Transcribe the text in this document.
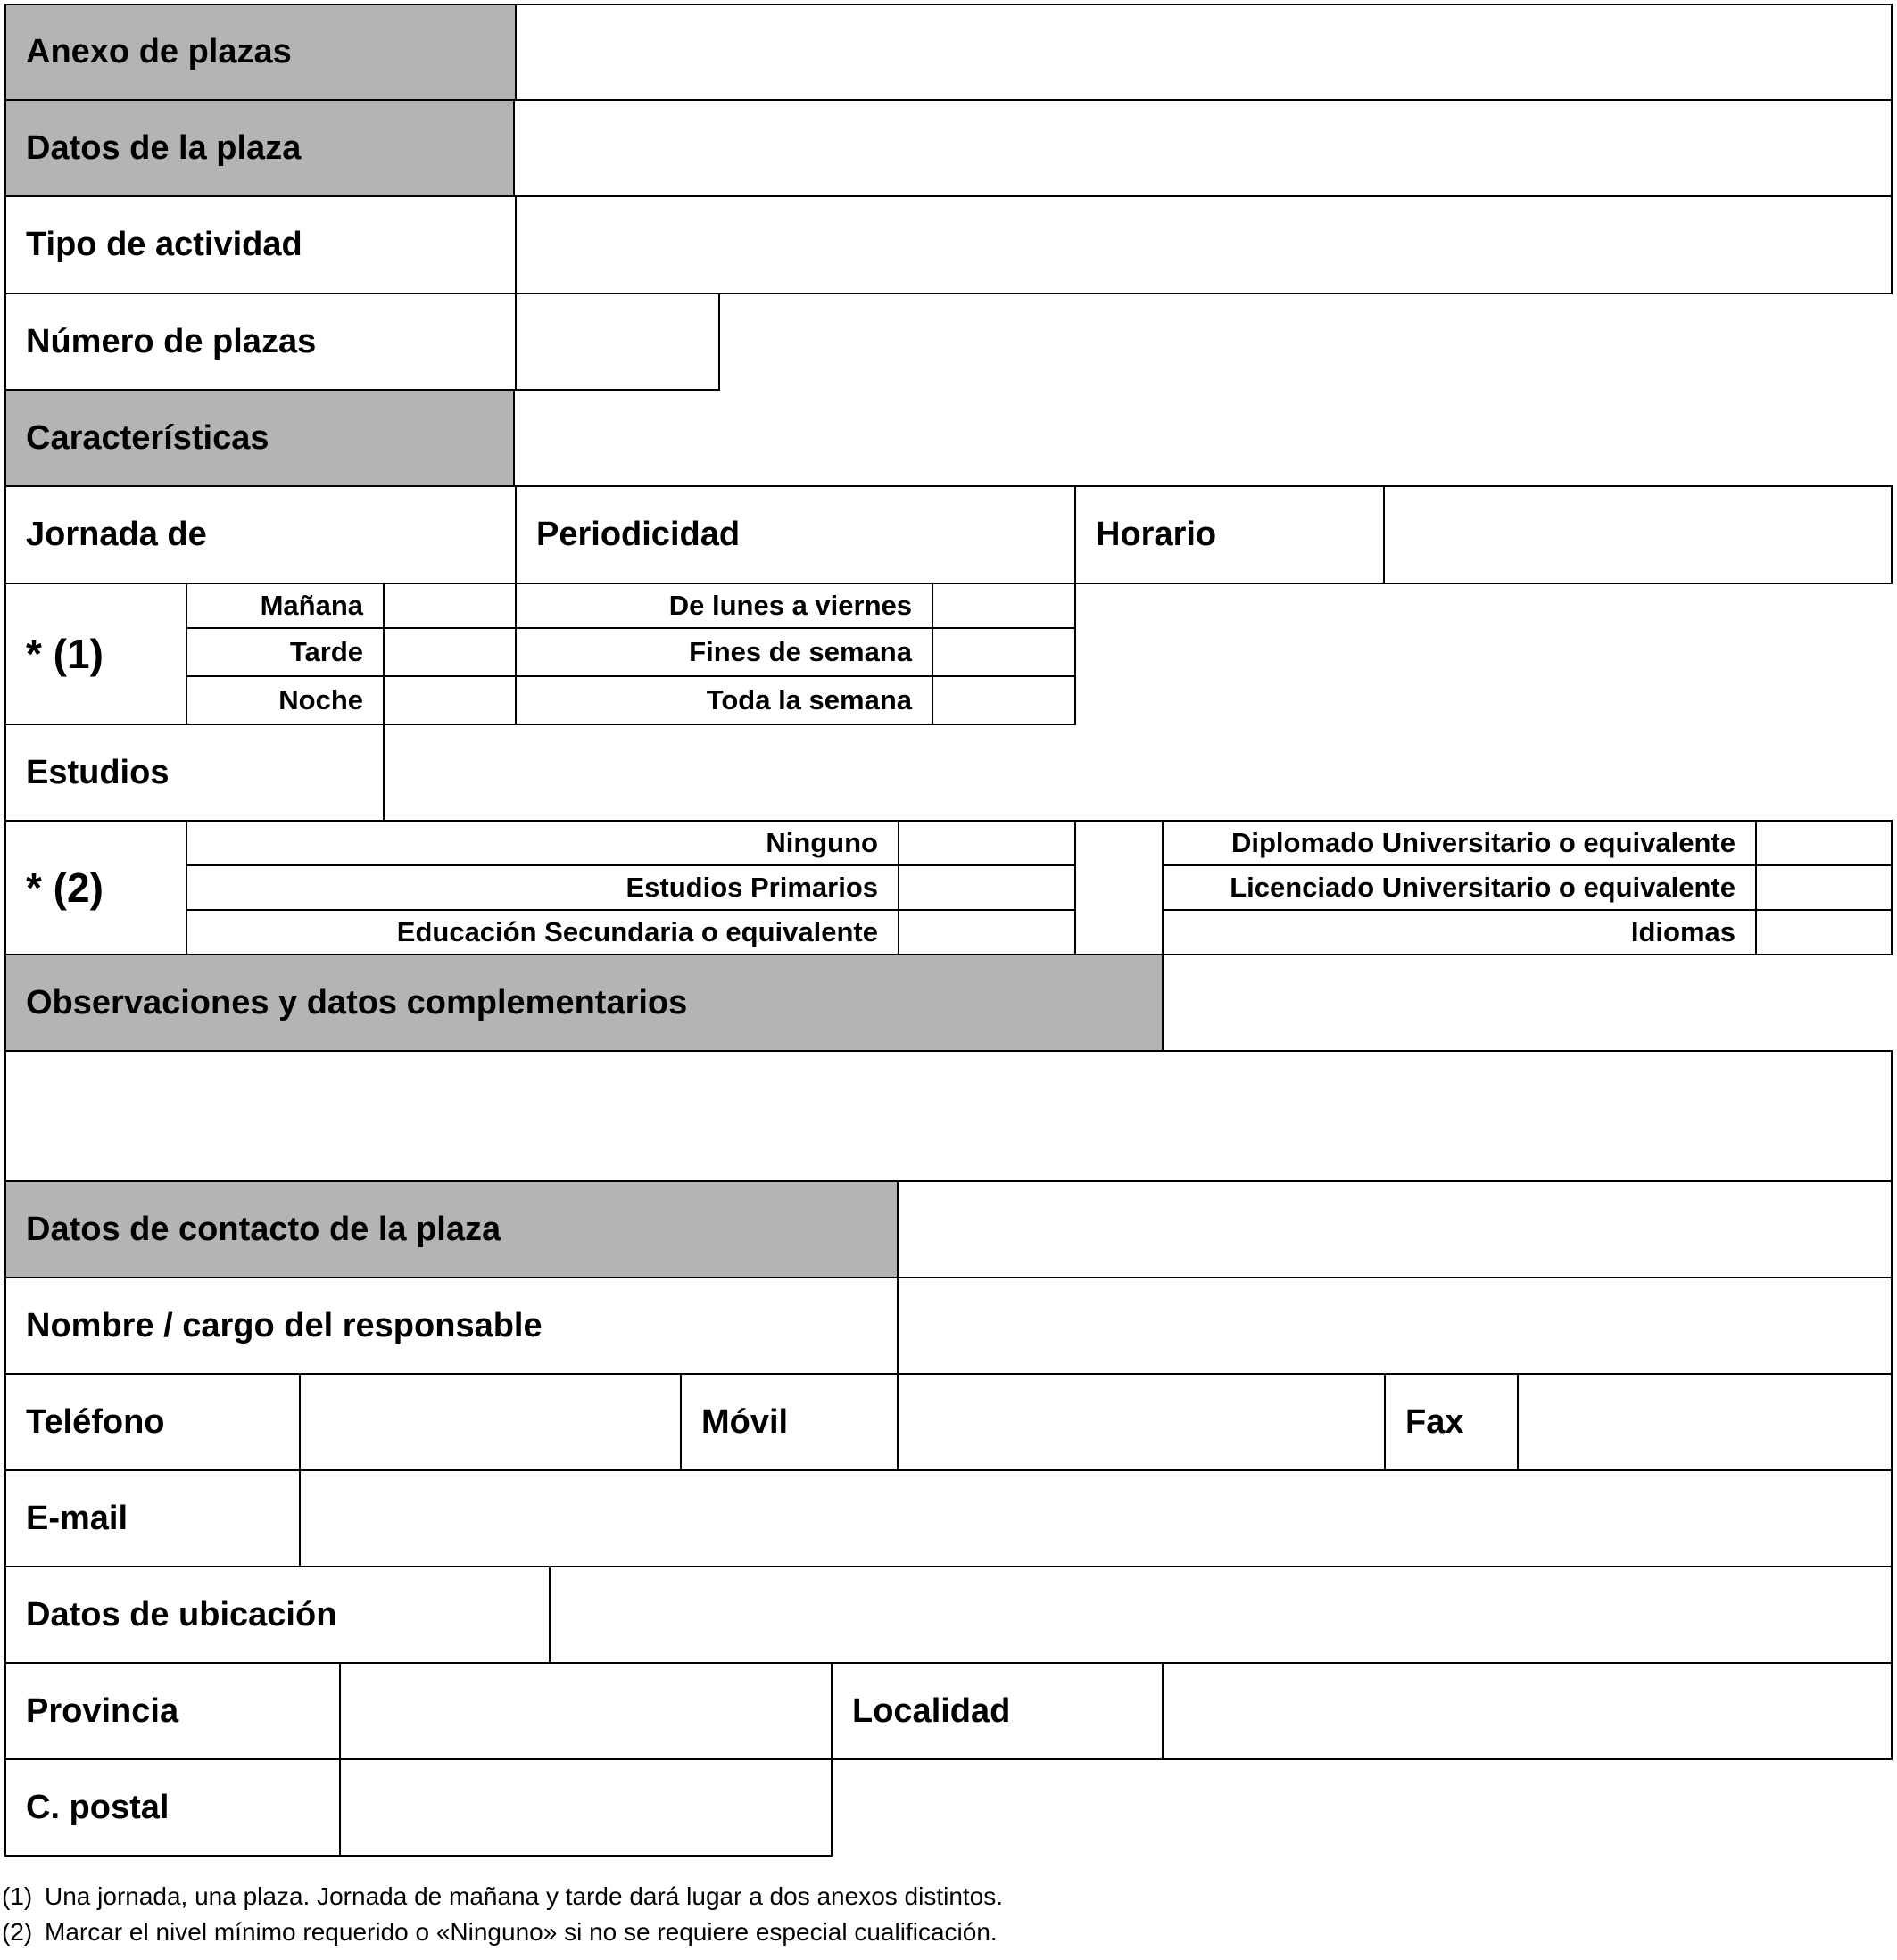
Anexo de plazas
Datos de la plaza
Tipo de actividad
Número de plazas
Características
Jornada de	Periodicidad	Horario
* (1)
Mañana	De lunes a viernes
Tarde	Fines de semana
Noche	Toda la semana
Estudios
* (2)
Ninguno	Diplomado Universitario o equivalente
Estudios Primarios	Licenciado Universitario o equivalente
Educación Secundaria o equivalente	Idiomas
Observaciones y datos complementarios
Datos de contacto de la plaza
Nombre / cargo del responsable
Teléfono	Móvil	Fax
E-mail
Datos de ubicación
Provincia	Localidad
C. postal
(1) Una jornada, una plaza. Jornada de mañana y tarde dará lugar a dos anexos distintos.
(2) Marcar el nivel mínimo requerido o «Ninguno» si no se requiere especial cualificación.
